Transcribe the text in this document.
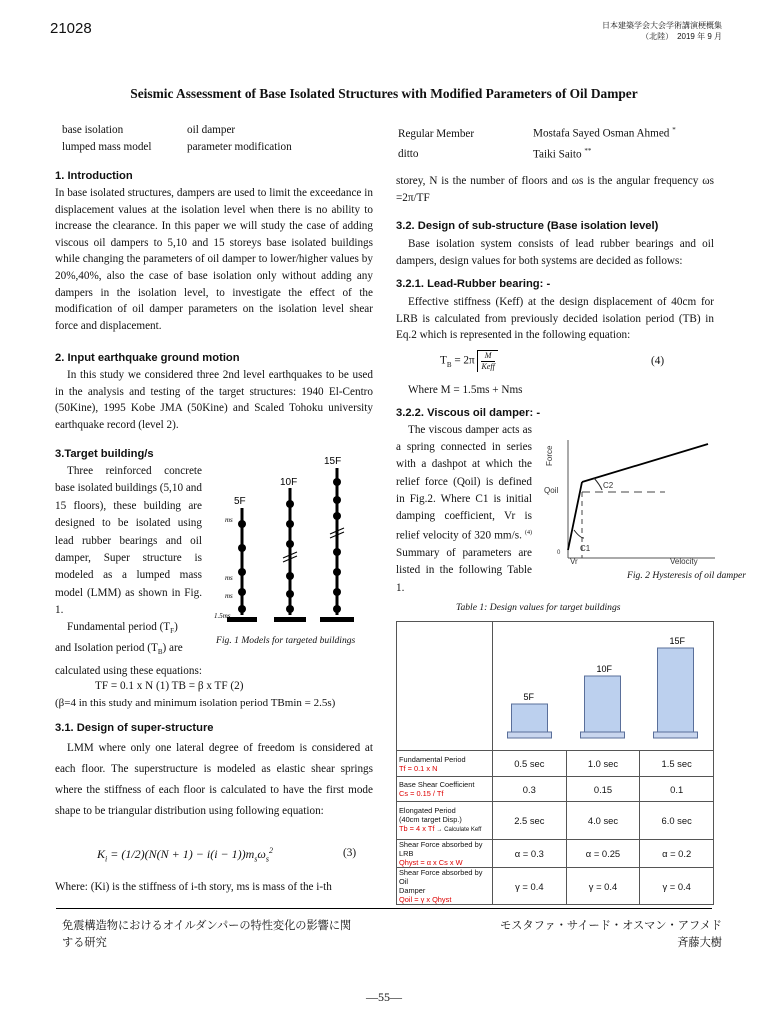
21028	日本建築学会大会学術講演梗概集
（北陸）　2019 年 9 月
Seismic Assessment of Base Isolated Structures with Modified Parameters of Oil Damper
base isolation	oil damper
lumped mass model	parameter modification
Regular Member	Mostafa Sayed Osman Ahmed *
ditto	Taiki Saito **
1. Introduction
In base isolated structures, dampers are used to limit the exceedance in displacement values at the isolation level when there is no ability to increase the clearance. In this paper we will study the case of adding viscous oil dampers to 5,10 and 15 storeys base isolated buildings while changing the parameters of oil damper to lower/higher values by 20%,40%, also the case of base isolation only without adding any dampers in the isolation level, to investigate the effect of the modification of oil damper parameters on the isolation level shear force and displacement.
2. Input earthquake ground motion
In this study we considered three 2nd level earthquakes to be used in the analysis and testing of the target structures: 1940 El-Centro (50Kine), 1995 Kobe JMA (50Kine) and Scaled Tohoku university earthquake record (level 2).
3.Target building/s
Three reinforced concrete base isolated buildings (5,10 and 15 floors), these building are designed to be isolated using lead rubber bearings and oil damper, Super structure is modeled as a lumped mass model (LMM) as shown in Fig. 1.
Fundamental period $(T_F)$
and Isolation period $(T_B)$ are
calculated using these equations:
TF = 0.1 x N (1) TB = β x TF (2)
(β=4 in this study and minimum isolation period TBmin = 2.5s)
3.1. Design of super-structure
LMM where only one lateral degree of freedom is considered at each floor. The superstructure is modeled as elastic shear springs where the stiffness of each floor is calculated to have the first mode shape to be triangular distribution using following equation:
$K_i = (1/2)(N(N + 1) - i(i - 1))m_s\omega_s^2$	(3)
Where: (Ki) is the stiffness of i-th story, ms is mass of the i-th
5F
10F
15F
ms
ms
ms
1.5ms
Fig. 1 Models for targeted buildings
storey, N is the number of floors and ωs is the angular frequency ωs =2π/TF
3.2. Design of sub-structure (Base isolation level)
Base isolation system consists of lead rubber bearings and oil dampers, design values for both systems are decided as follows:
3.2.1. Lead-Rubber bearing: -
Effective stiffness (Keff) at the design displacement of 40cm for LRB is calculated from previously decided isolation period (TB) in Eq.2 which is represented in the following equation:
$T_B = 2\pi$ M
Keff	(4)
Where M = 1.5ms + Nms
3.2.2. Viscous oil damper: -
The viscous damper acts as a spring connected in series with a dashpot at which the relief force (Qoil) is defined in Fig.2. Where C1 is initial damping coefficient, Vr is relief velocity of 320 mm/s. $^{(4)}$ Summary of parameters are listed in the following Table 1.
Force
Velocity
Qoil
C1
C2
Vr
0
Fig. 2 Hysteresis of oil damper
Table 1: Design values for target buildings

5F
10F
15F		

Fundamental Period
Tf = 0.1 x N	0.5 sec	1.0 sec	1.5 sec

Base Shear Coefficient
Cs = 0.15 / Tf	0.3	0.15	0.1

Elongated Period
(40cm target Disp.)
Tb = 4 x Tf → Calculate Keff	2.5 sec	4.0 sec	6.0 sec

Shear Force absorbed by LRB
Qhyst = α x Cs x W	α = 0.3	α = 0.25	α = 0.2

Shear Force absorbed by Oil
Damper
Qoil = γ x Qhyst	γ = 0.4	γ = 0.4	γ = 0.4
免震構造物におけるオイルダンパーの特性変化の影響に関
する研究
モスタファ・サイード・オスマン・アフメド
斉藤大樹
—55—
